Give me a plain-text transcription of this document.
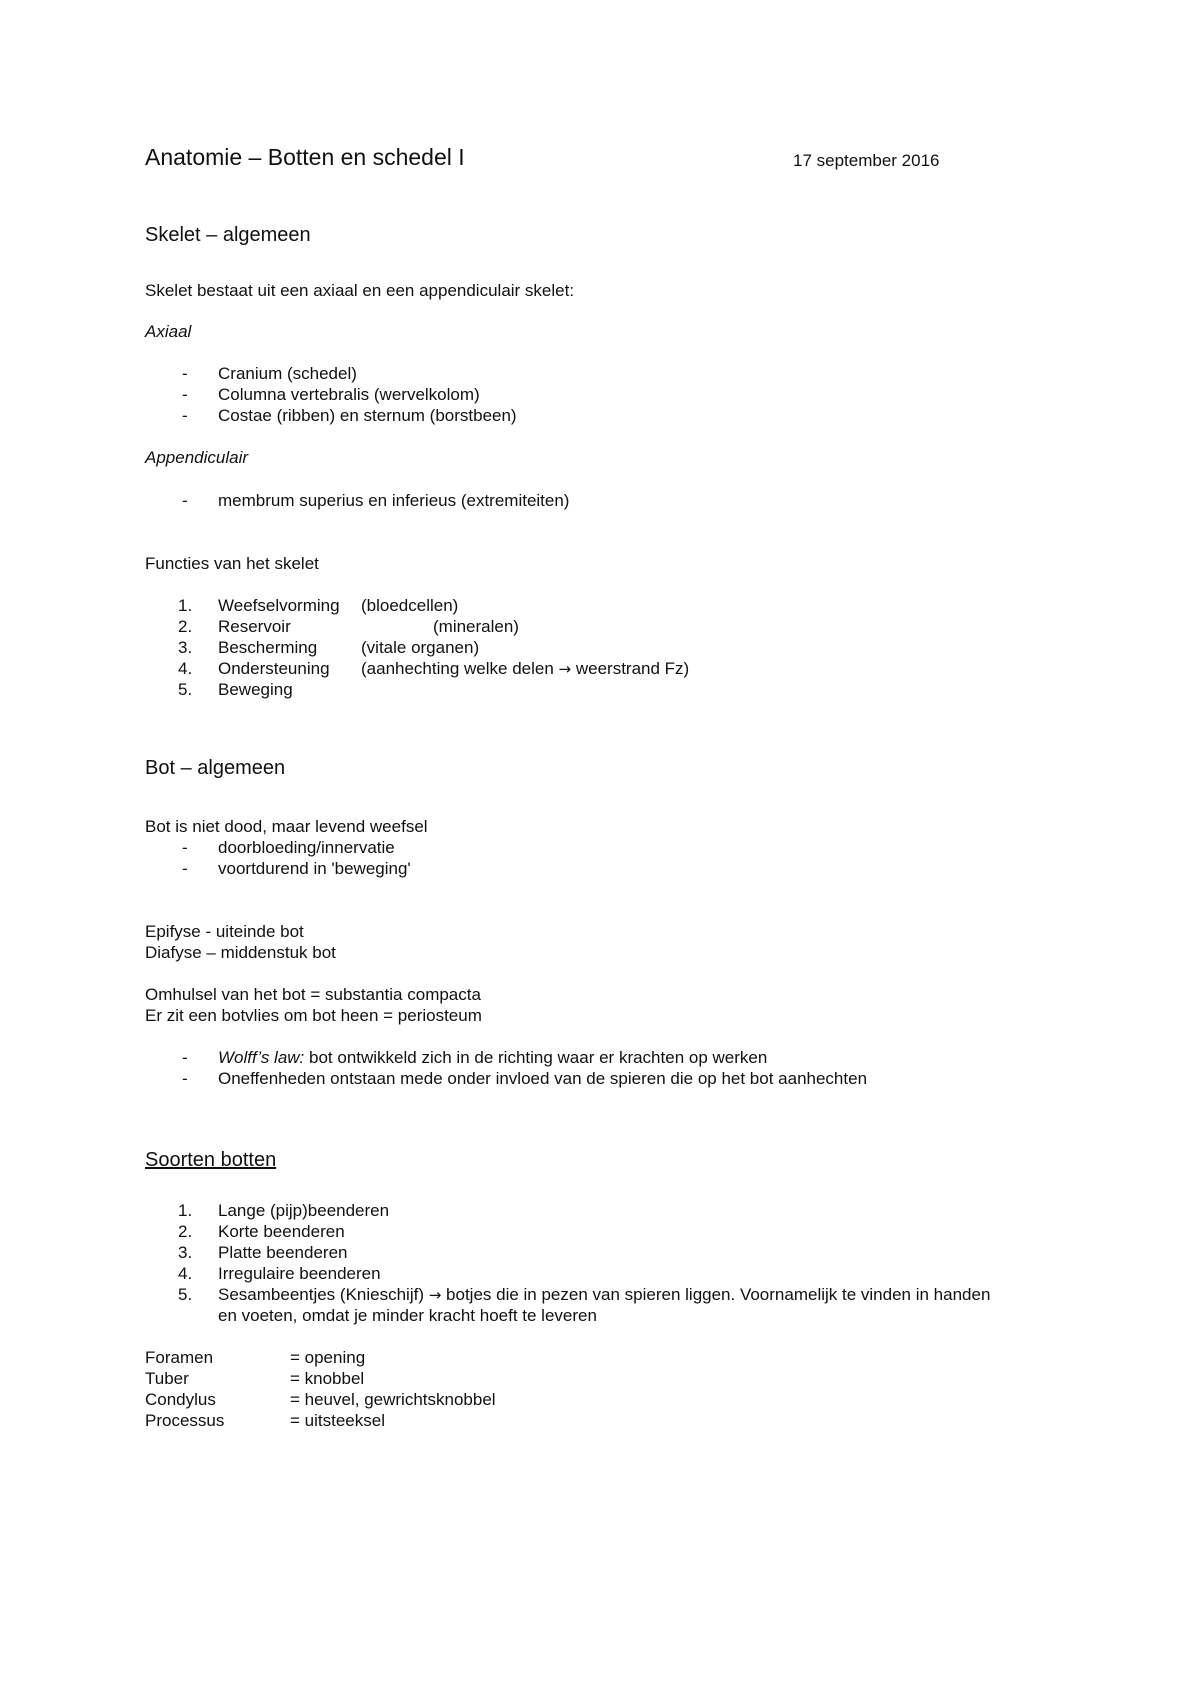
Anatomie – Botten en schedel I	17 september 2016
Skelet – algemeen
Skelet bestaat uit een axiaal en een appendiculair skelet:
Axiaal
- Cranium (schedel)
- Columna vertebralis (wervelkolom)
- Costae (ribben) en sternum (borstbeen)
Appendiculair
- membrum superius en inferieus (extremiteiten)
Functies van het skelet
1. Weefselvorming (bloedcellen)
2. Reservoir	(mineralen)
3. Bescherming	(vitale organen)
4. Ondersteuning (aanhechting welke delen → weerstrand Fz)
5. Beweging
Bot – algemeen
Bot is niet dood, maar levend weefsel
- doorbloeding/innervatie
- voortdurend in 'beweging'
Epifyse - uiteinde bot
Diafyse – middenstuk bot
Omhulsel van het bot = substantia compacta
Er zit een botvlies om bot heen = periosteum
- Wolff’s law: bot ontwikkeld zich in de richting waar er krachten op werken
- Oneffenheden ontstaan mede onder invloed van de spieren die op het bot aanhechten
Soorten botten
1. Lange (pijp)beenderen
2. Korte beenderen
3. Platte beenderen
4. Irregulaire beenderen
5. Sesambeentjes (Knieschijf) → botjes die in pezen van spieren liggen. Voornamelijk te vinden in handen
en voeten, omdat je minder kracht hoeft te leveren
Foramen	= opening
Tuber	= knobbel
Condylus	= heuvel, gewrichtsknobbel
Processus	= uitsteeksel
